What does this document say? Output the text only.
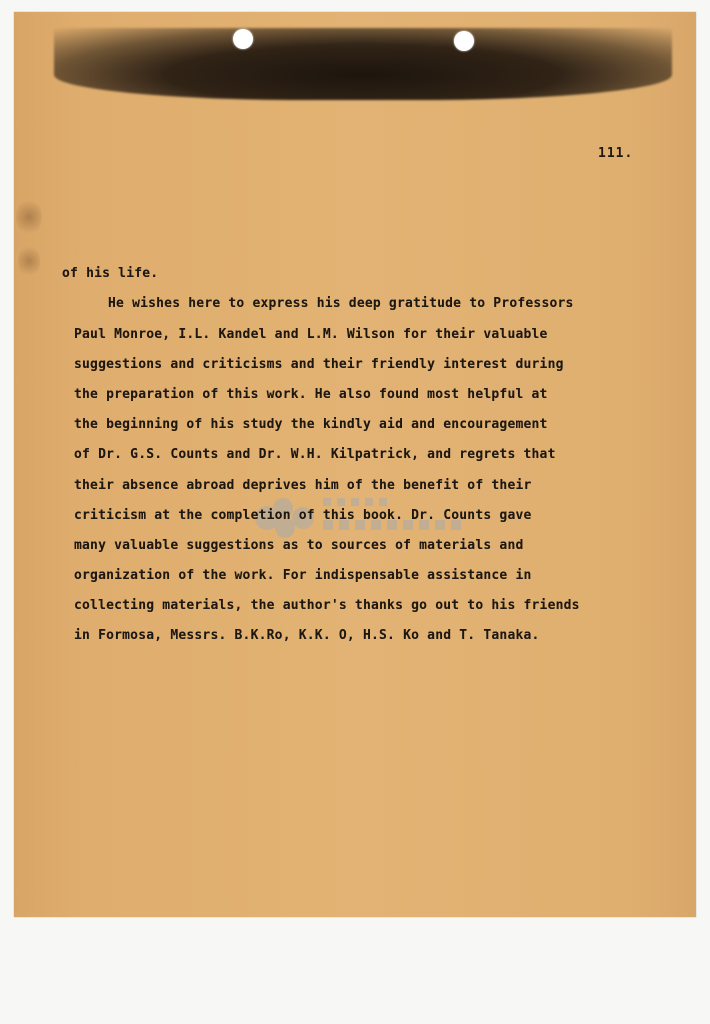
111.
of his life.
He wishes here to express his deep gratitude to Professors
Paul Monroe, I.L. Kandel and L.M. Wilson for their valuable
suggestions and criticisms and their friendly interest during
the preparation of this work. He also found most helpful at
the beginning of his study the kindly aid and encouragement
of Dr. G.S. Counts and Dr. W.H. Kilpatrick, and regrets that
their absence abroad deprives him of the benefit of their
criticism at the completion of this book. Dr. Counts gave
many valuable suggestions as to sources of materials and
organization of the work. For indispensable assistance in
collecting materials, the author's thanks go out to his friends
in Formosa, Messrs. B.K.Ro, K.K. O, H.S. Ko and T. Tanaka.
